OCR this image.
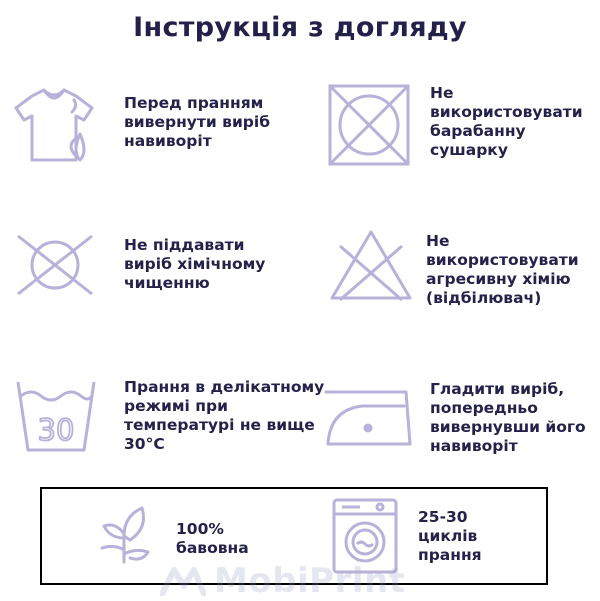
Інструкція з догляду
Перед пранням
вивернути виріб
навиворіт
Не
використовувати
барабанну
сушарку
Не піддавати
виріб хімічному
чищенню
Не
використовувати
агресивну хімію
(відбілювач)
30
Прання в делікатному
режимі при
температурі не вище
30°C
Гладити виріб,
попередньо
вивернувши його
навиворіт
100%
бавовна
25-30
циклів
прання
MobiPrint
